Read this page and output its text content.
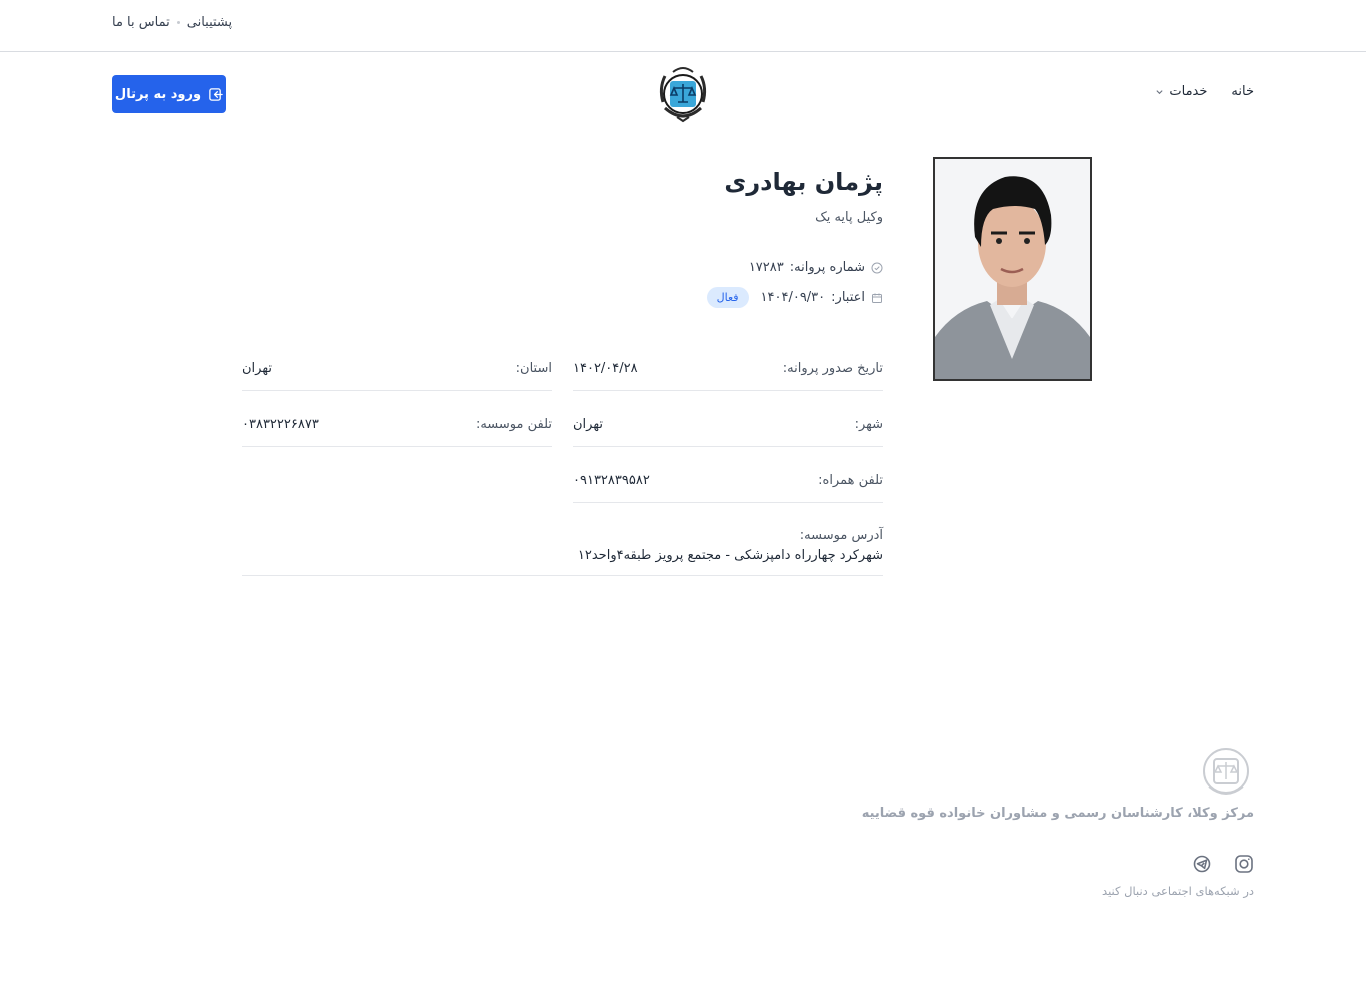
پشتیبانی
تماس با ما
ورود به پرتال	خانه
خدمات
پژمان بهادری
وکیل پایه یک
شماره پروانه:
۱۷۲۸۳
اعتبار:
۱۴۰۴/۰۹/۳۰
فعال
تاریخ صدور پروانه:
۱۴۰۲/۰۴/۲۸
استان:
تهران
شهر:
تهران
تلفن موسسه:
۰۳۸۳۲۲۲۶۸۷۳
تلفن همراه:
۰۹۱۳۲۸۳۹۵۸۲
آدرس موسسه:
شهرکرد چهارراه دامپزشکی - مجتمع پرویز طبقه۴واحد۱۲
مرکز وکلا، کارشناسان رسمی و مشاوران خانواده قوه قضاییه
در شبکه‌های اجتماعی دنبال کنید
